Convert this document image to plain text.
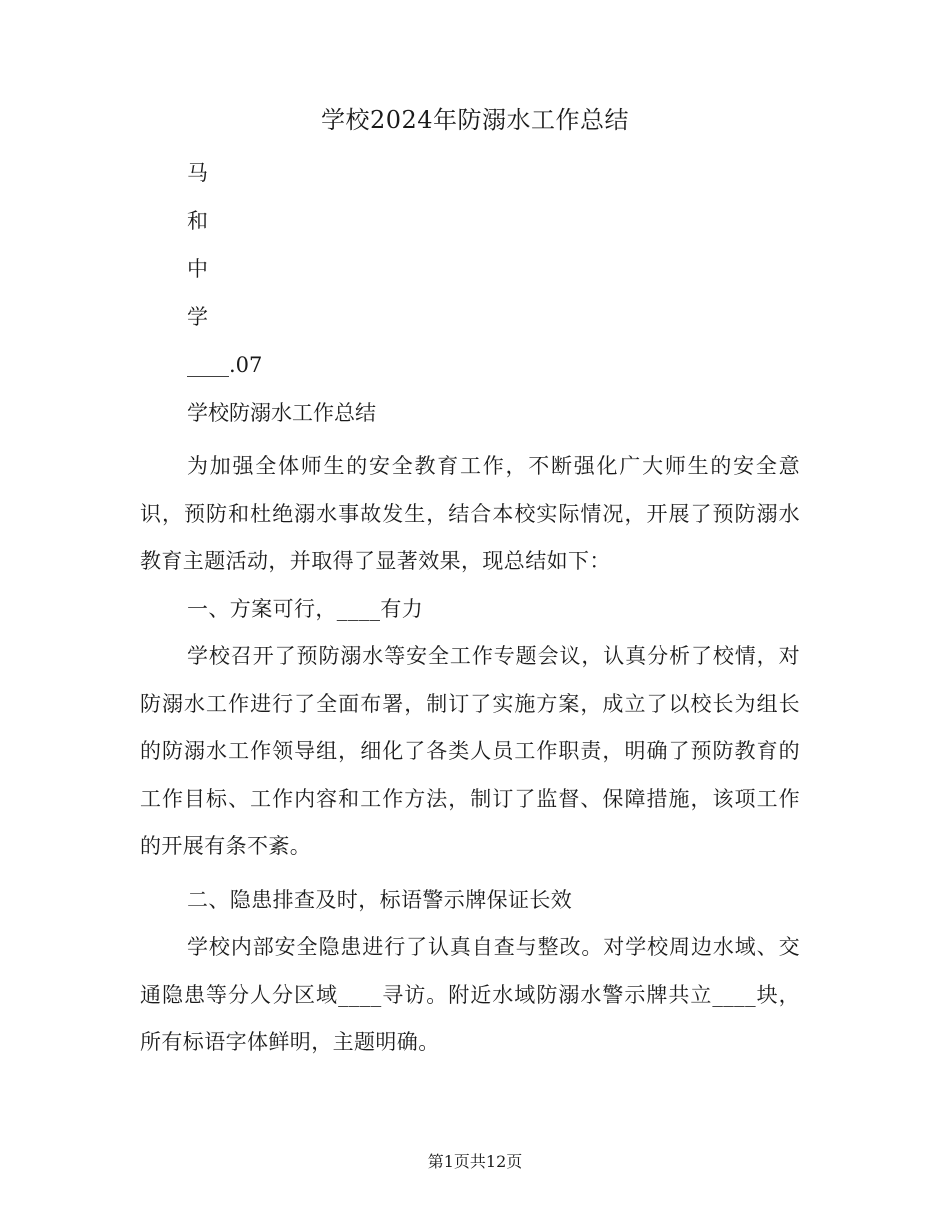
学校2024年防溺水工作总结
马
和
中
学
____.07
学校防溺水工作总结

为加强全体师生的安全教育工作，不断强化广大师生的安全意识，预防和杜绝溺水事故发生，结合本校实际情况，开展了预防溺水教育主题活动，并取得了显著效果，现总结如下：

一、方案可行，____有力

学校召开了预防溺水等安全工作专题会议，认真分析了校情，对防溺水工作进行了全面布署，制订了实施方案，成立了以校长为组长的防溺水工作领导组，细化了各类人员工作职责，明确了预防教育的工作目标、工作内容和工作方法，制订了监督、保障措施，该项工作的开展有条不紊。

二、隐患排查及时，标语警示牌保证长效

学校内部安全隐患进行了认真自查与整改。对学校周边水域、交通隐患等分人分区域____寻访。附近水域防溺水警示牌共立____块，所有标语字体鲜明，主题明确。

第1页共12页
